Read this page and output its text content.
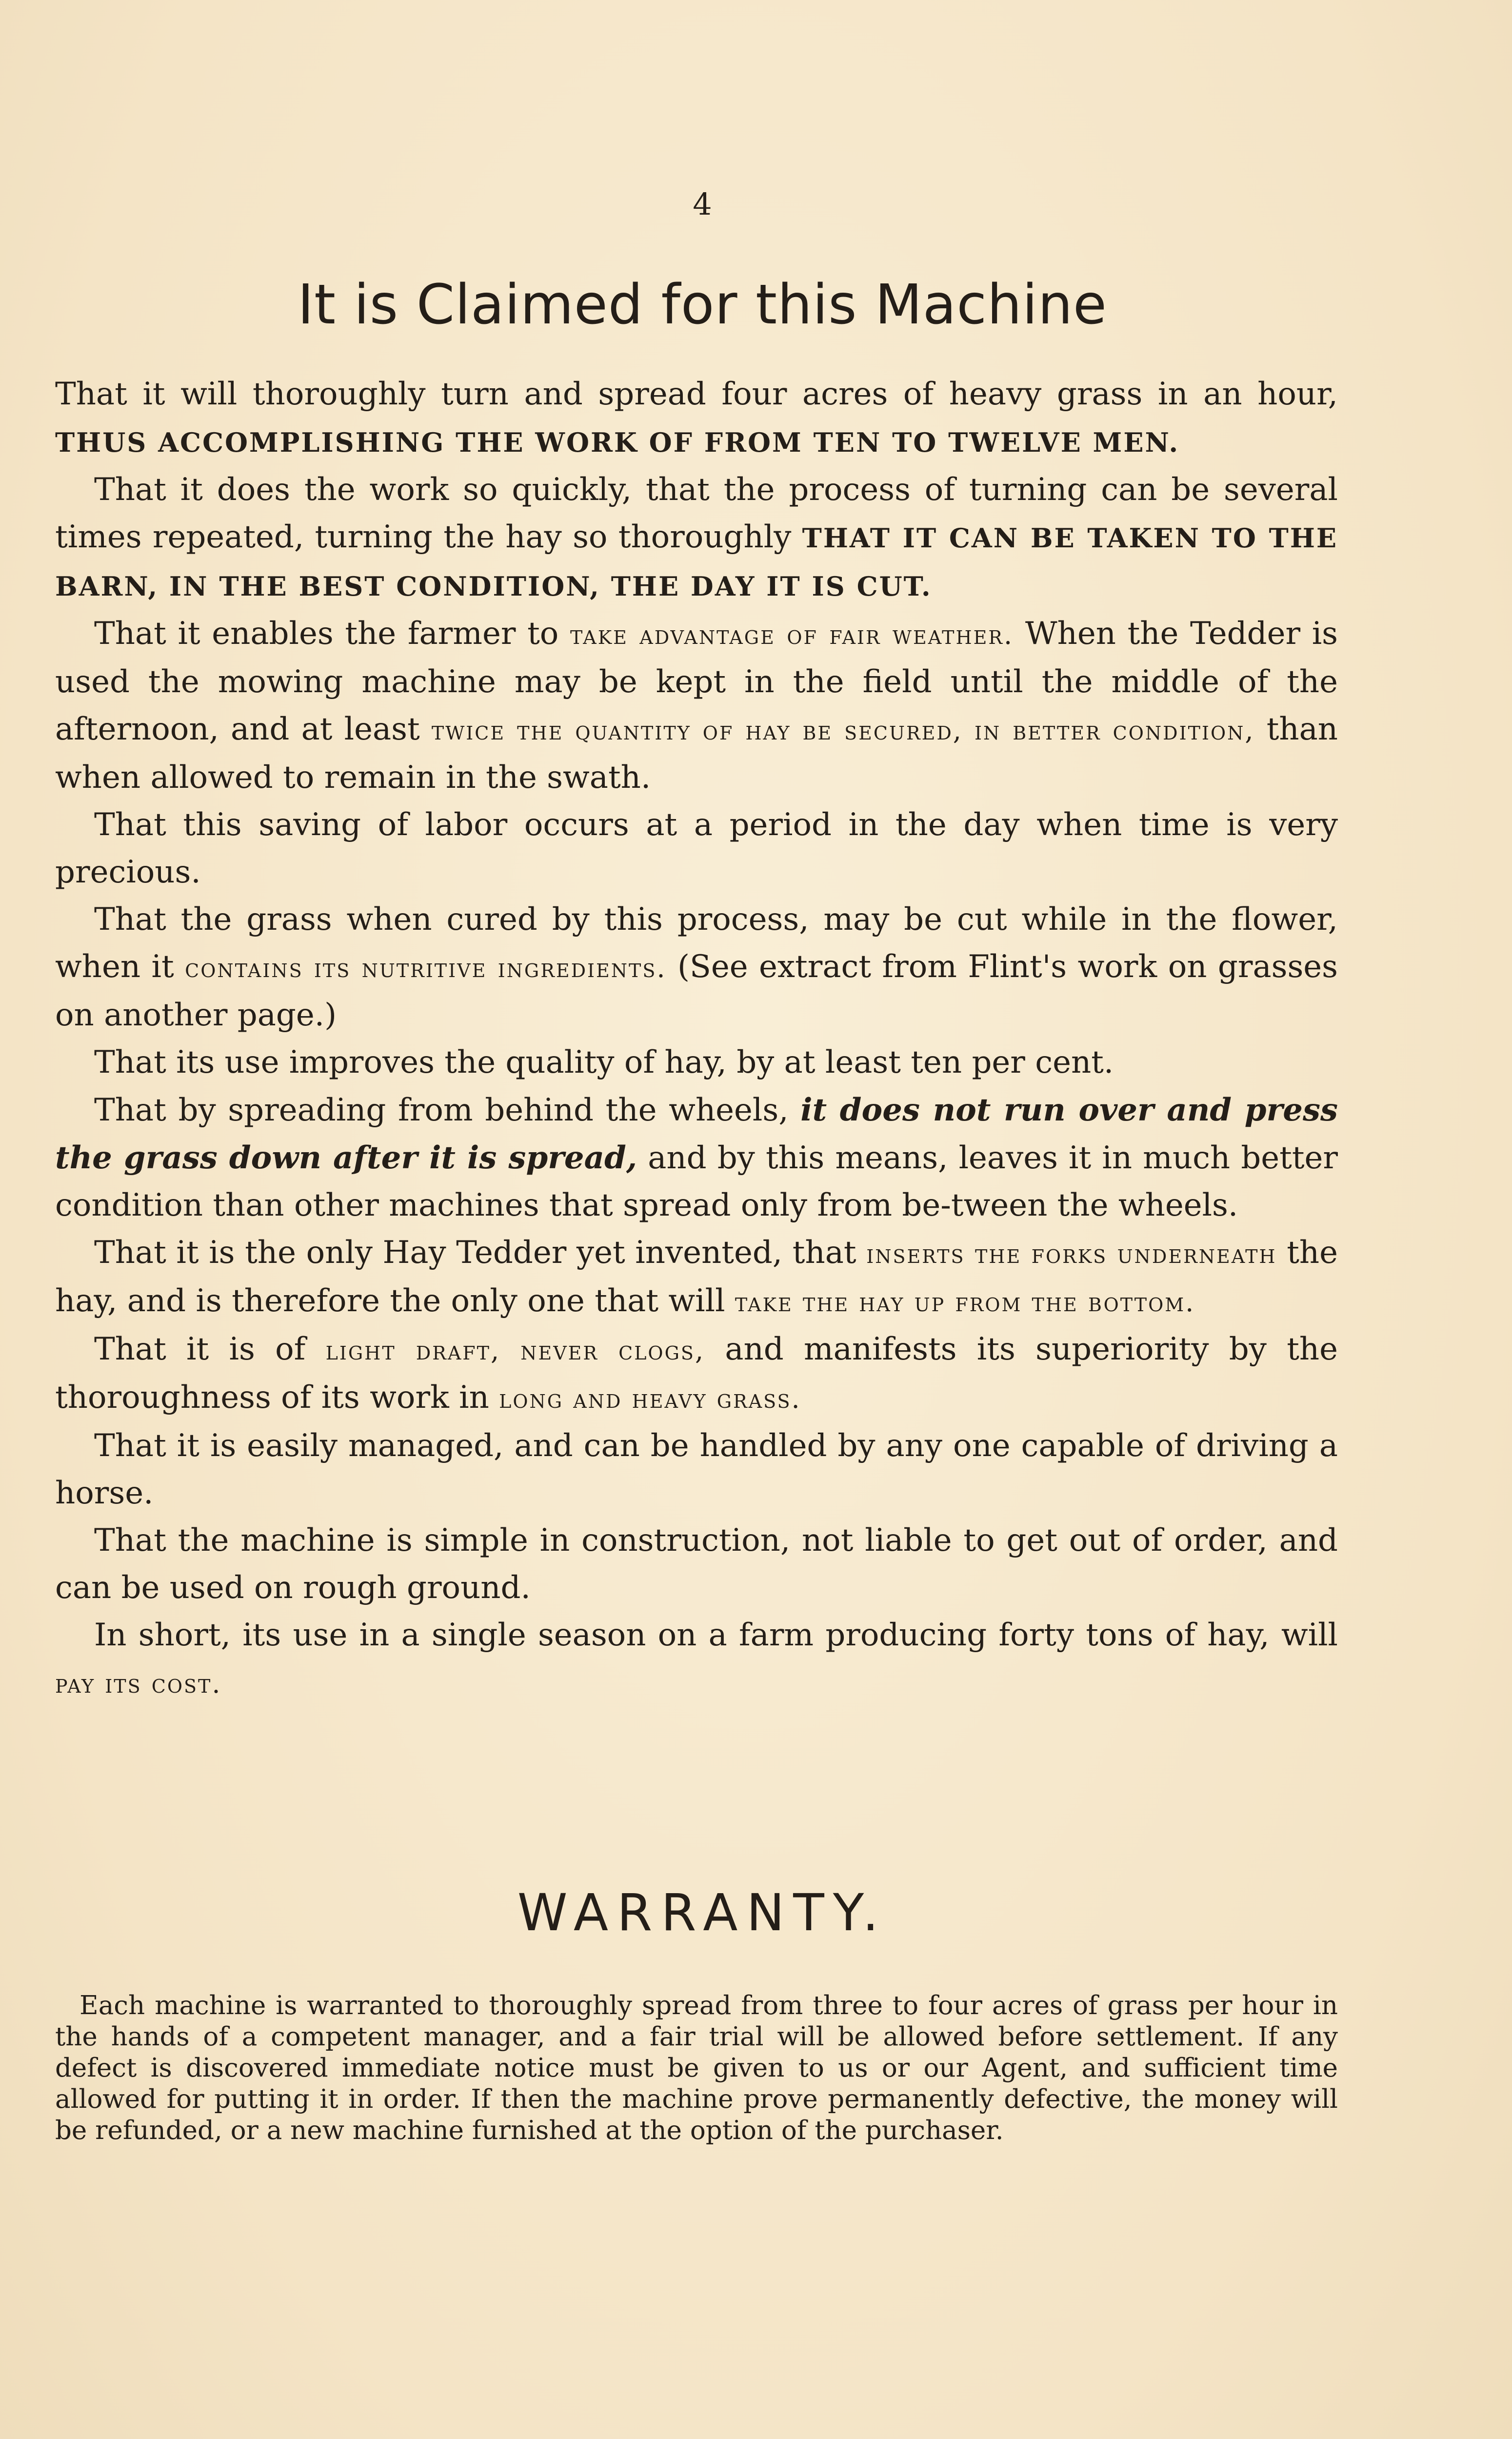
4
It is Claimed for this Machine

That it will thoroughly turn and spread four acres of heavy grass in an hour, THUS ACCOMPLISHING THE WORK OF FROM TEN TO TWELVE MEN.

That it does the work so quickly, that the process of turning can be several times repeated, turning the hay so thoroughly THAT IT CAN BE TAKEN TO THE BARN, IN THE BEST CONDITION, THE DAY IT IS CUT.

That it enables the farmer to take advantage of fair weather. When the Tedder is used the mowing machine may be kept in the field until the middle of the afternoon, and at least twice the quantity of hay be secured, in better condition, than when allowed to remain in the swath.

That this saving of labor occurs at a period in the day when time is very precious.

That the grass when cured by this process, may be cut while in the flower, when it contains its nutritive ingredients. (See extract from Flint's work on grasses on another page.)

That its use improves the quality of hay, by at least ten per cent.

That by spreading from behind the wheels, it does not run over and press the grass down after it is spread, and by this means, leaves it in much better condition than other machines that spread only from be-tween the wheels.

That it is the only Hay Tedder yet invented, that inserts the forks underneath the hay, and is therefore the only one that will take the hay up from the bottom.

That it is of light draft, never clogs, and manifests its superiority by the thoroughness of its work in long and heavy grass.

That it is easily managed, and can be handled by any one capable of driving a horse.

That the machine is simple in construction, not liable to get out of order, and can be used on rough ground.

In short, its use in a single season on a farm producing forty tons of hay, will pay its cost.

WARRANTY.

Each machine is warranted to thoroughly spread from three to four acres of grass per hour in the hands of a competent manager, and a fair trial will be allowed before settlement. If any defect is discovered immediate notice must be given to us or our Agent, and sufficient time allowed for putting it in order. If then the machine prove permanently defective, the money will be refunded, or a new machine furnished at the option of the purchaser.
